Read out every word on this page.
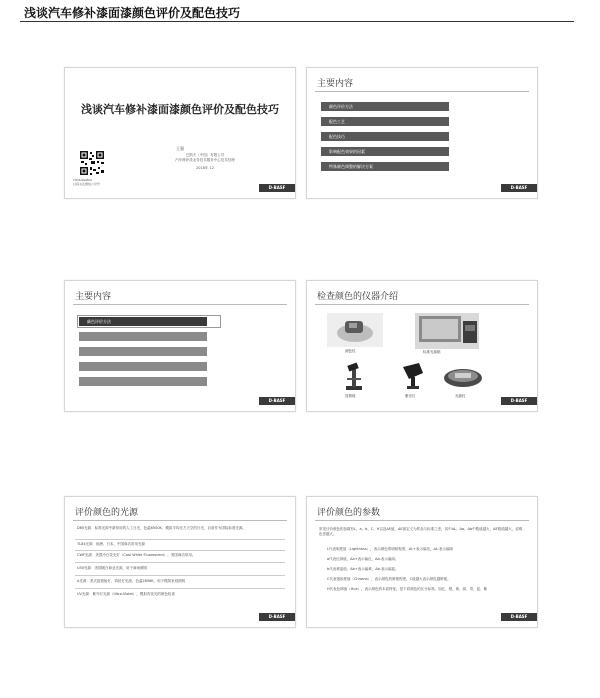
浅谈汽车修补漆面漆颜色评价及配色技巧
浅谈汽车修补漆面漆颜色评价及配色技巧
王强
巴斯夫（中国）有限公司
汽车修补漆业务技术服务中心技术经理
2018年 12
TOOLS&MAX
扫码关注微信公众号
D-BASF
主要内容
颜色评价方法
配色工艺
配色技巧
影响配色效果的因素
特殊颜色调整的解决方案
D-BASF
主要内容
颜色评价方法
D-BASF
检查颜色的仪器介绍
测色仪	标准光源箱
显微镜	紫光灯	光源仪
D-BASF
评价颜色的光源
D65光源：标准光源中最常用的人工日光，色温6500K，模拟平均北方天空的日光，目前作为国际标准光源。
TL84光源：欧洲、日本、中国商店常用光源
CWF光源：美国冷白荧光灯（Cool White Fluorescent），美国商店常用。
U30光源：美国暖白商业光源，用于商场照明
A光源：美式厨窗射灯，钨丝灯光源，色温2856K，用于模拟家庭照明
UV光源：紫外灯光源（Ultra-Violet），模拟有荧光的颜色检查
D-BASF
评价颜色的参数
常见评价颜色的参数有L、a、b、C、H以及ΔE值，ΔE被定义为样品与标准之差，其中ΔL、Δa、Δb中数值越大，ΔE数值越大，说明色差越大。
L代表明度值（Lightness），表示颜色的明暗程度，ΔL+表示偏亮，ΔL-表示偏暗
a代表红绿值，Δa+表示偏红，Δa-表示偏绿。
b代表黄蓝值，Δb+表示偏黄，Δb-表示偏蓝。
C代表饱和度值（Chroma），表示颜色的鲜艳程度，C值越大表示颜色越鲜艳。
H代表色调值（Hue），表示颜色的本质特征，是不同颜色的区分标准。如红、橙、黄、绿、青、蓝、紫
D-BASF
